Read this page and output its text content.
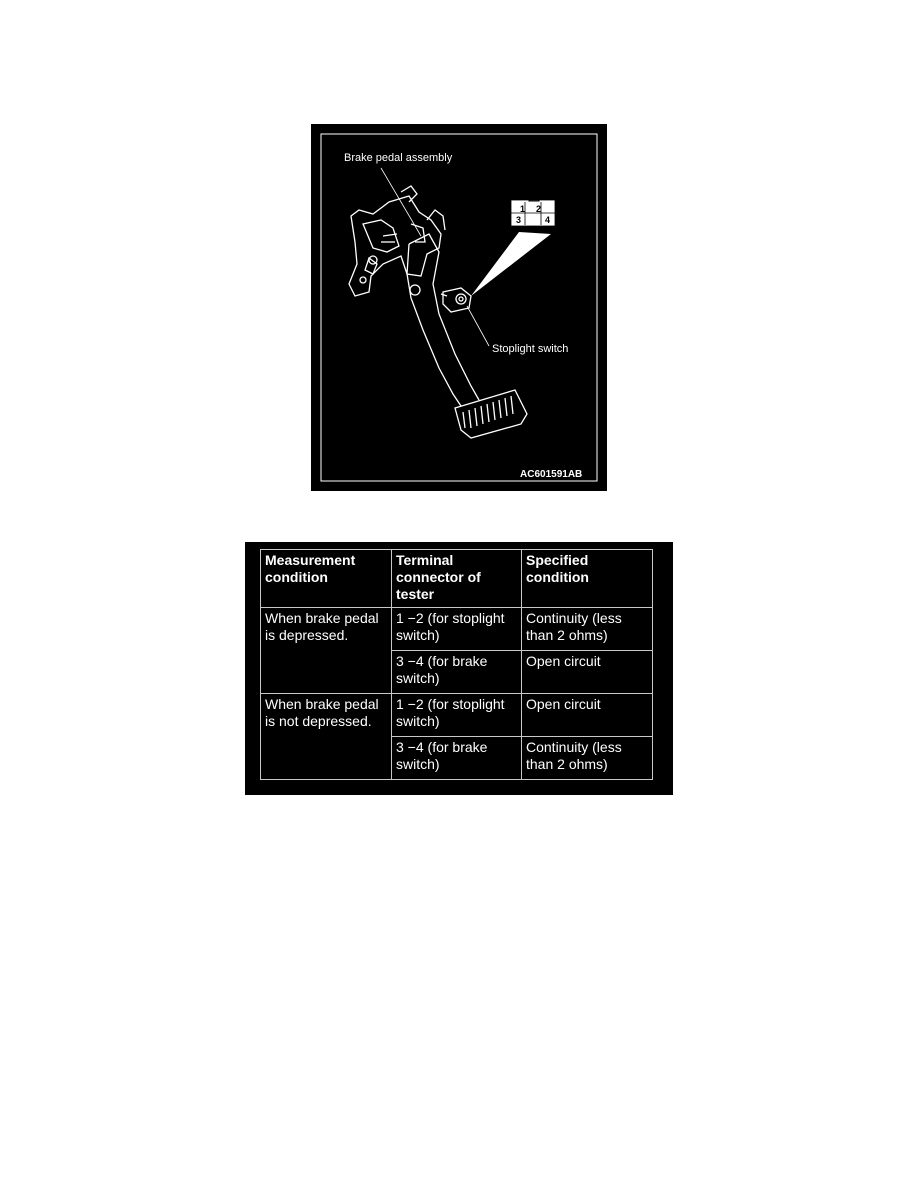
Brake pedal assembly
Stoplight switch
AC601591AB
1 2
3	4
Measurement condition	Terminal connector of tester	Specified condition
When brake pedal is depressed.	1 −2 (for stoplight switch)	Continuity (less than 2 ohms)
	3 −4 (for brake switch)	Open circuit
When brake pedal is not depressed.	1 −2 (for stoplight switch)	Open circuit
	3 −4 (for brake switch)	Continuity (less than 2 ohms)
